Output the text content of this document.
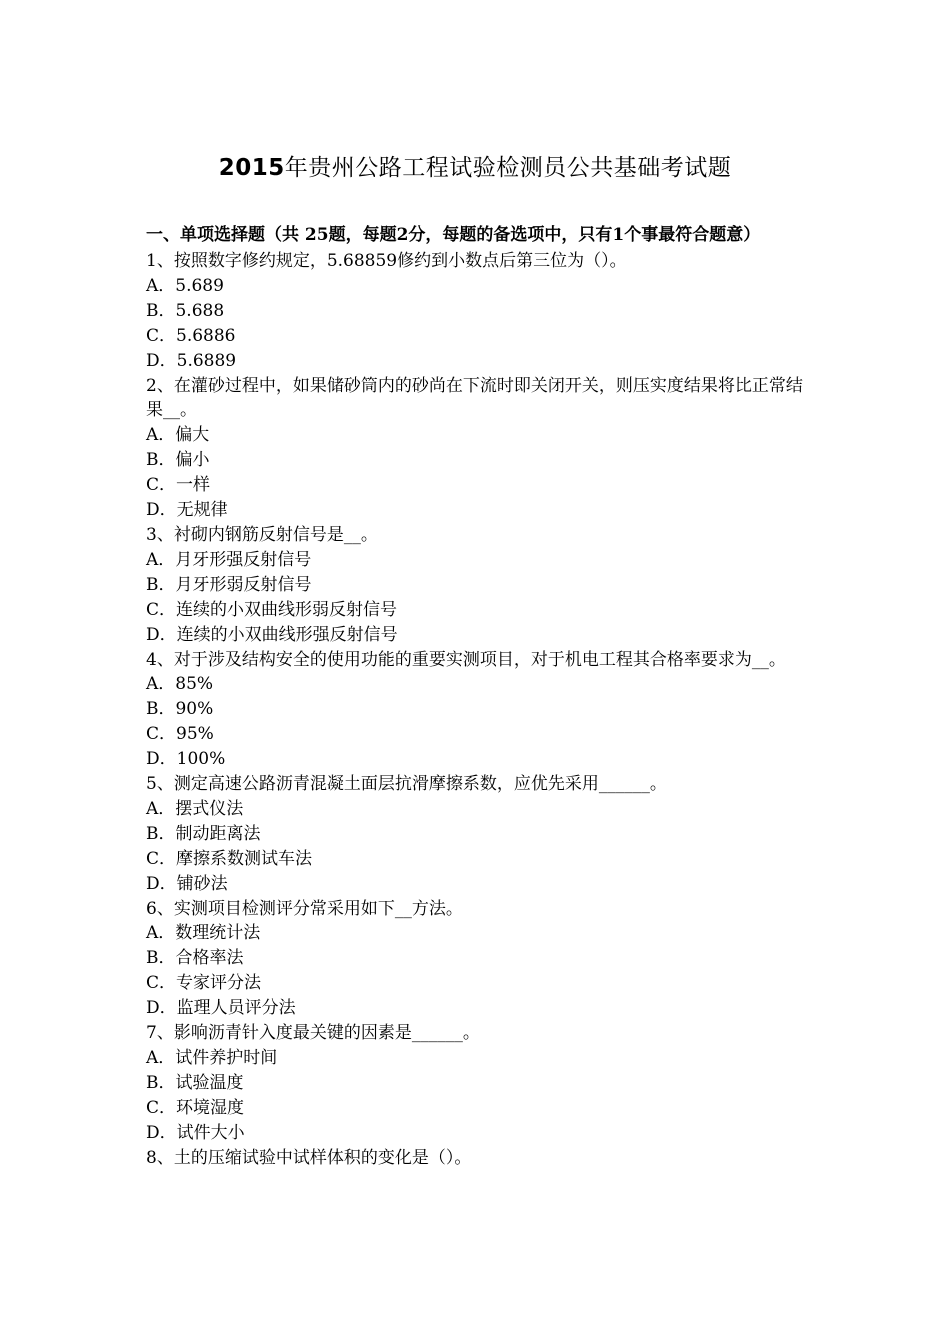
2015年贵州公路工程试验检测员公共基础考试题

一、单项选择题（共 25题，每题2分，每题的备选项中，只有1个事最符合题意）

1、按照数字修约规定，5.68859修约到小数点后第三位为（）。

A．5.689

B．5.688

C．5.6886

D．5.6889

2、在灌砂过程中，如果储砂筒内的砂尚在下流时即关闭开关，则压实度结果将比正常结果__。

A．偏大

B．偏小

C．一样

D．无规律

3、衬砌内钢筋反射信号是__。

A．月牙形强反射信号

B．月牙形弱反射信号

C．连续的小双曲线形弱反射信号

D．连续的小双曲线形强反射信号

4、对于涉及结构安全的使用功能的重要实测项目，对于机电工程其合格率要求为__。

A．85%

B．90%

C．95%

D．100%

5、测定高速公路沥青混凝土面层抗滑摩擦系数，应优先采用______。

A．摆式仪法

B．制动距离法

C．摩擦系数测试车法

D．铺砂法

6、实测项目检测评分常采用如下__方法。

A．数理统计法

B．合格率法

C．专家评分法

D．监理人员评分法

7、影响沥青针入度最关键的因素是______。

A．试件养护时间

B．试验温度

C．环境湿度

D．试件大小

8、土的压缩试验中试样体积的变化是（）。
